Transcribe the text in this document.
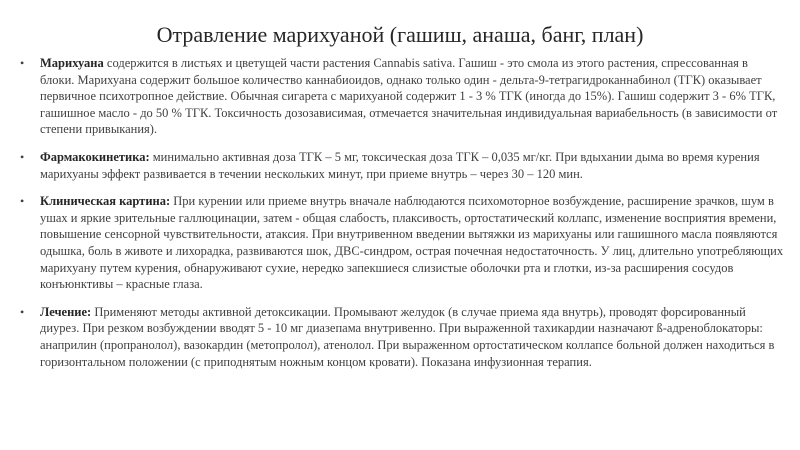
Отравление марихуаной (гашиш, анаша, банг, план)
• Марихуана содержится в листьях и цветущей части растения Cannabis sativa. Гашиш - это смола из этого растения, спрессованная в блоки. Марихуана содержит большое количество каннабиоидов, однако только один - дельта-9-тетрагидроканнабинол (ТГК) оказывает первичное психотропное действие. Обычная сигарета с марихуаной содержит 1 - 3 % ТГК (иногда до 15%). Гашиш содержит 3 - 6% ТГК, гашишное масло - до 50 % ТГК. Токсичность дозозависимая, отмечается значительная индивидуальная вариабельность (в зависимости от степени привыкания).
• Фармакокинетика: минимально активная доза ТГК – 5 мг, токсическая доза ТГК – 0,035 мг/кг. При вдыхании дыма во время курения марихуаны эффект развивается в течении нескольких минут, при приеме внутрь – через 30 – 120 мин.
• Клиническая картина: При курении или приеме внутрь вначале наблюдаются психомоторное возбуждение, расширение зрачков, шум в ушах и яркие зрительные галлюцинации, затем - общая слабость, плаксивость, ортостатический коллапс, изменение восприятия времени, повышение сенсорной чувствительности, атаксия. При внутривенном введении вытяжки из марихуаны или гашишного масла появляются одышка, боль в животе и лихорадка, развиваются шок, ДВС-синдром, острая почечная недостаточность. У лиц, длительно употребляющих марихуану путем курения, обнаруживают сухие, нередко запекшиеся слизистые оболочки рта и глотки, из-за расширения сосудов конъюнктивы – красные глаза.
• Лечение: Применяют методы активной детоксикации. Промывают желудок (в случае приема яда внутрь), проводят форсированный диурез. При резком возбуждении вводят 5 - 10 мг диазепама внутривенно. При выраженной тахикардии назначают ß-адреноблокаторы: анаприлин (пропранолол), вазокардин (метопролол), атенолол. При выраженном ортостатическом коллапсе больной должен находиться в горизонтальном положении (с приподнятым ножным концом кровати). Показана инфузионная терапия.
